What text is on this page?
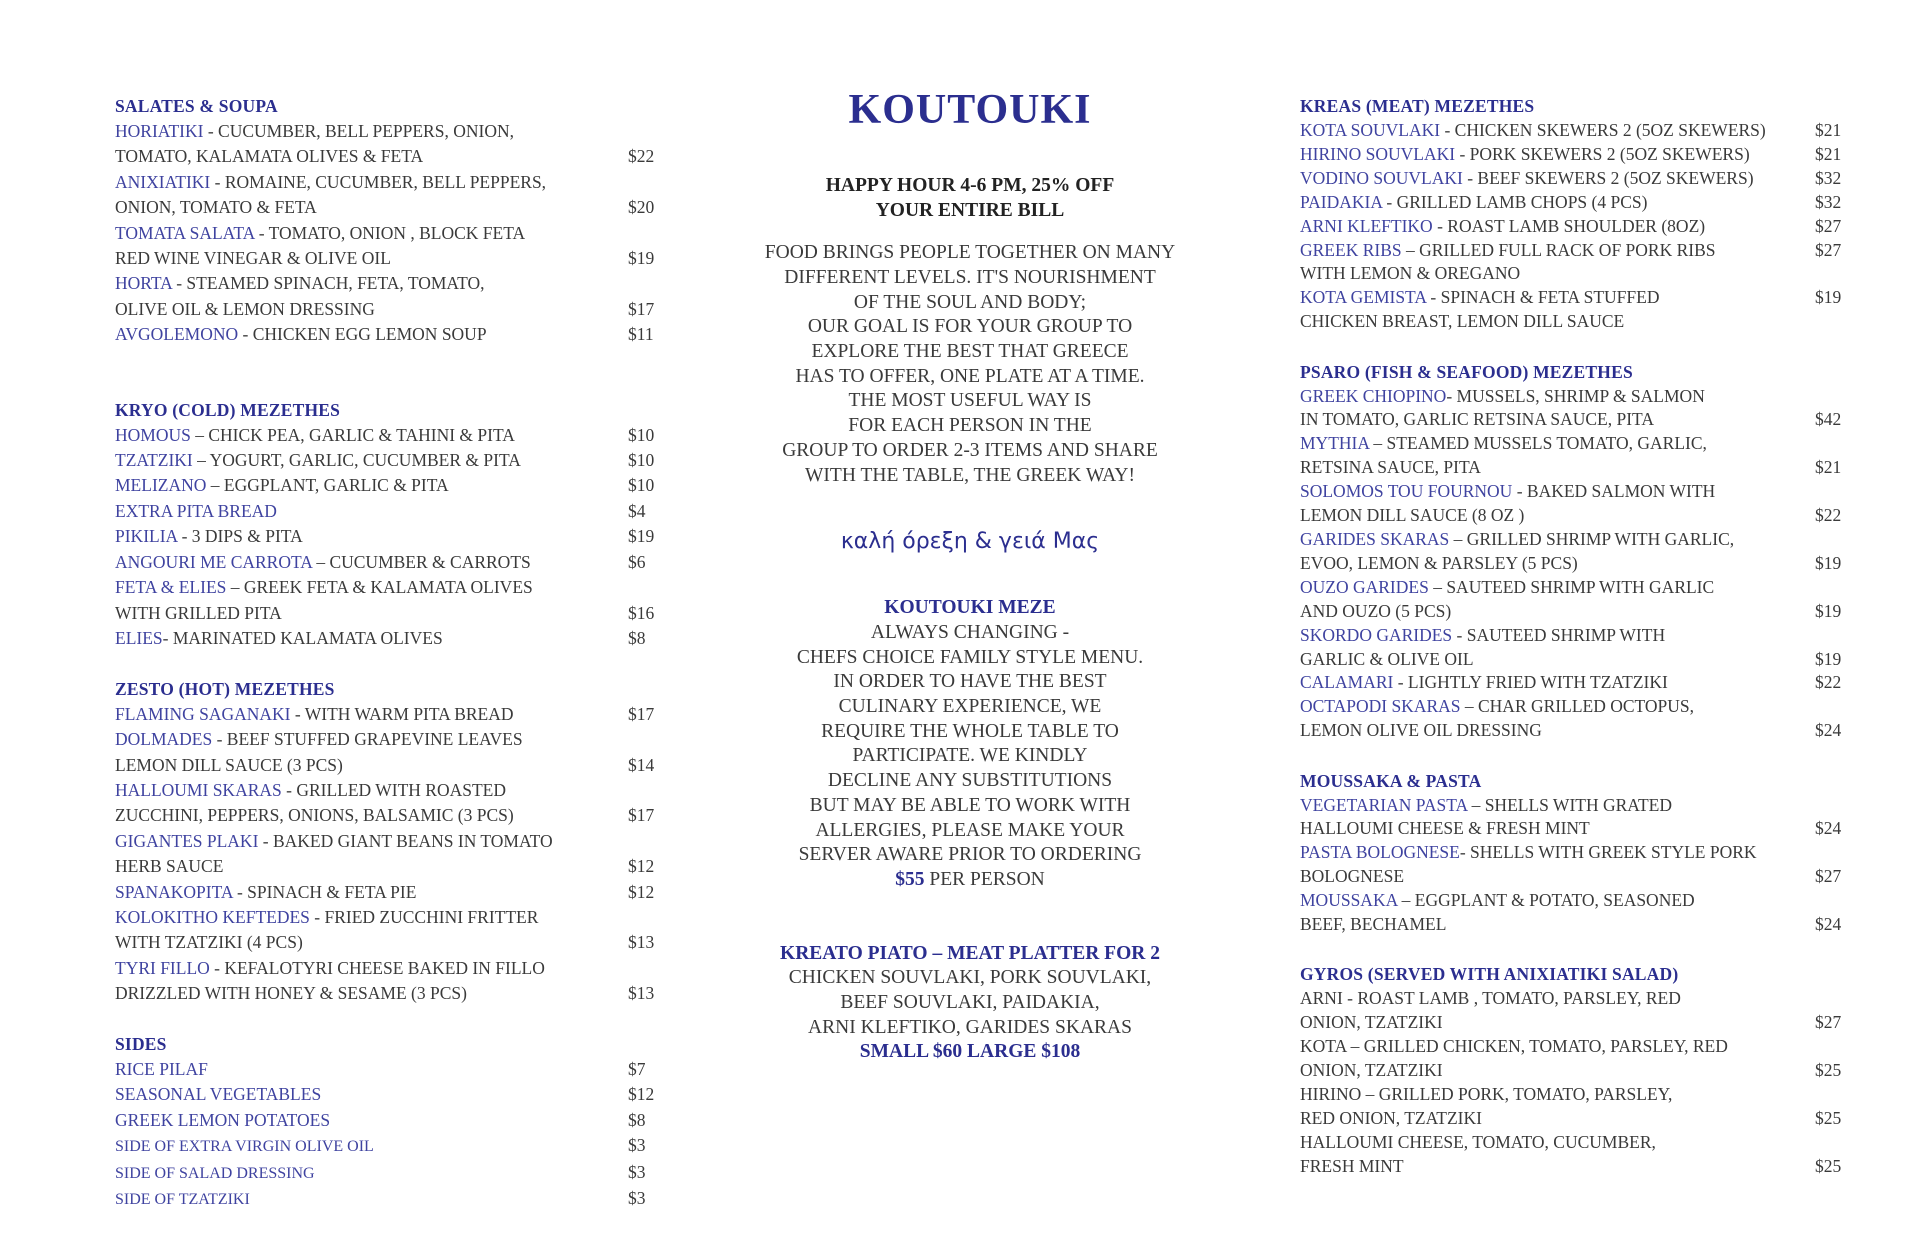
SALATES & SOUPA
HORIATIKI - CUCUMBER, BELL PEPPERS, ONION,
TOMATO, KALAMATA OLIVES & FETA	$22
ANIXIATIKI - ROMAINE, CUCUMBER, BELL PEPPERS,
ONION, TOMATO & FETA	$20
TOMATA SALATA - TOMATO, ONION , BLOCK FETA
RED WINE VINEGAR & OLIVE OIL	$19
HORTA - STEAMED SPINACH, FETA, TOMATO,
OLIVE OIL & LEMON DRESSING	$17
AVGOLEMONO - CHICKEN EGG LEMON SOUP	$11
KRYO (COLD) MEZETHES
HOMOUS – CHICK PEA, GARLIC & TAHINI & PITA	$10
TZATZIKI – YOGURT, GARLIC, CUCUMBER & PITA	$10
MELIZANO – EGGPLANT, GARLIC & PITA	$10
EXTRA PITA BREAD	$4
PIKILIA - 3 DIPS & PITA	$19
ANGOURI ME CARROTA – CUCUMBER & CARROTS	$6
FETA & ELIES – GREEK FETA & KALAMATA OLIVES
WITH GRILLED PITA	$16
ELIES- MARINATED KALAMATA OLIVES	$8
ZESTO (HOT) MEZETHES
FLAMING SAGANAKI - WITH WARM PITA BREAD	$17
DOLMADES - BEEF STUFFED GRAPEVINE LEAVES
LEMON DILL SAUCE (3 PCS)	$14
HALLOUMI SKARAS - GRILLED WITH ROASTED
ZUCCHINI, PEPPERS, ONIONS, BALSAMIC (3 PCS)	$17
GIGANTES PLAKI - BAKED GIANT BEANS IN TOMATO
HERB SAUCE	$12
SPANAKOPITA - SPINACH & FETA PIE	$12
KOLOKITHO KEFTEDES - FRIED ZUCCHINI FRITTER
WITH TZATZIKI (4 PCS)	$13
TYRI FILLO - KEFALOTYRI CHEESE BAKED IN FILLO
DRIZZLED WITH HONEY & SESAME (3 PCS)	$13
SIDES
RICE PILAF	$7
SEASONAL VEGETABLES	$12
GREEK LEMON POTATOES	$8
SIDE OF EXTRA VIRGIN OLIVE OIL	$3
SIDE OF SALAD DRESSING	$3
SIDE OF TZATZIKI	$3
KOUTOUKI
HAPPY HOUR 4-6 PM, 25% OFF
YOUR ENTIRE BILL
FOOD BRINGS PEOPLE TOGETHER ON MANY
DIFFERENT LEVELS. IT'S NOURISHMENT
OF THE SOUL AND BODY;
OUR GOAL IS FOR YOUR GROUP TO
EXPLORE THE BEST THAT GREECE
HAS TO OFFER, ONE PLATE AT A TIME.
THE MOST USEFUL WAY IS
FOR EACH PERSON IN THE
GROUP TO ORDER 2-3 ITEMS AND SHARE
WITH THE TABLE, THE GREEK WAY!
καλή όρεξη & γειά Μας
KOUTOUKI MEZE
ALWAYS CHANGING -
CHEFS CHOICE FAMILY STYLE MENU.
IN ORDER TO HAVE THE BEST
CULINARY EXPERIENCE, WE
REQUIRE THE WHOLE TABLE TO
PARTICIPATE. WE KINDLY
DECLINE ANY SUBSTITUTIONS
BUT MAY BE ABLE TO WORK WITH
ALLERGIES, PLEASE MAKE YOUR
SERVER AWARE PRIOR TO ORDERING
$55 PER PERSON
KREATO PIATO – MEAT PLATTER FOR 2
CHICKEN SOUVLAKI, PORK SOUVLAKI,
BEEF SOUVLAKI, PAIDAKIA,
ARNI KLEFTIKO, GARIDES SKARAS
SMALL $60 LARGE $108
KREAS (MEAT) MEZETHES
KOTA SOUVLAKI - CHICKEN SKEWERS 2 (5OZ SKEWERS)	$21
HIRINO SOUVLAKI - PORK SKEWERS 2 (5OZ SKEWERS)	$21
VODINO SOUVLAKI - BEEF SKEWERS 2 (5OZ SKEWERS)	$32
PAIDAKIA - GRILLED LAMB CHOPS (4 PCS)	$32
ARNI KLEFTIKO - ROAST LAMB SHOULDER (8OZ)	$27
GREEK RIBS – GRILLED FULL RACK OF PORK RIBS	$27
WITH LEMON & OREGANO
KOTA GEMISTA - SPINACH & FETA STUFFED	$19
CHICKEN BREAST, LEMON DILL SAUCE
PSARO (FISH & SEAFOOD) MEZETHES
GREEK CHIOPINO- MUSSELS, SHRIMP & SALMON
IN TOMATO, GARLIC RETSINA SAUCE, PITA	$42
MYTHIA – STEAMED MUSSELS TOMATO, GARLIC,
RETSINA SAUCE, PITA	$21
SOLOMOS TOU FOURNOU - BAKED SALMON WITH
LEMON DILL SAUCE (8 OZ )	$22
GARIDES SKARAS – GRILLED SHRIMP WITH GARLIC,
EVOO, LEMON & PARSLEY (5 PCS)	$19
OUZO GARIDES – SAUTEED SHRIMP WITH GARLIC
AND OUZO (5 PCS)	$19
SKORDO GARIDES - SAUTEED SHRIMP WITH
GARLIC & OLIVE OIL	$19
CALAMARI - LIGHTLY FRIED WITH TZATZIKI	$22
OCTAPODI SKARAS – CHAR GRILLED OCTOPUS,
LEMON OLIVE OIL DRESSING	$24
MOUSSAKA & PASTA
VEGETARIAN PASTA – SHELLS WITH GRATED
HALLOUMI CHEESE & FRESH MINT	$24
PASTA BOLOGNESE- SHELLS WITH GREEK STYLE PORK
BOLOGNESE	$27
MOUSSAKA – EGGPLANT & POTATO, SEASONED
BEEF, BECHAMEL	$24
GYROS (SERVED WITH ANIXIATIKI SALAD)
ARNI - ROAST LAMB , TOMATO, PARSLEY, RED
ONION, TZATZIKI	$27
KOTA – GRILLED CHICKEN, TOMATO, PARSLEY, RED
ONION, TZATZIKI	$25
HIRINO – GRILLED PORK, TOMATO, PARSLEY,
RED ONION, TZATZIKI	$25
HALLOUMI CHEESE, TOMATO, CUCUMBER,
FRESH MINT	$25
